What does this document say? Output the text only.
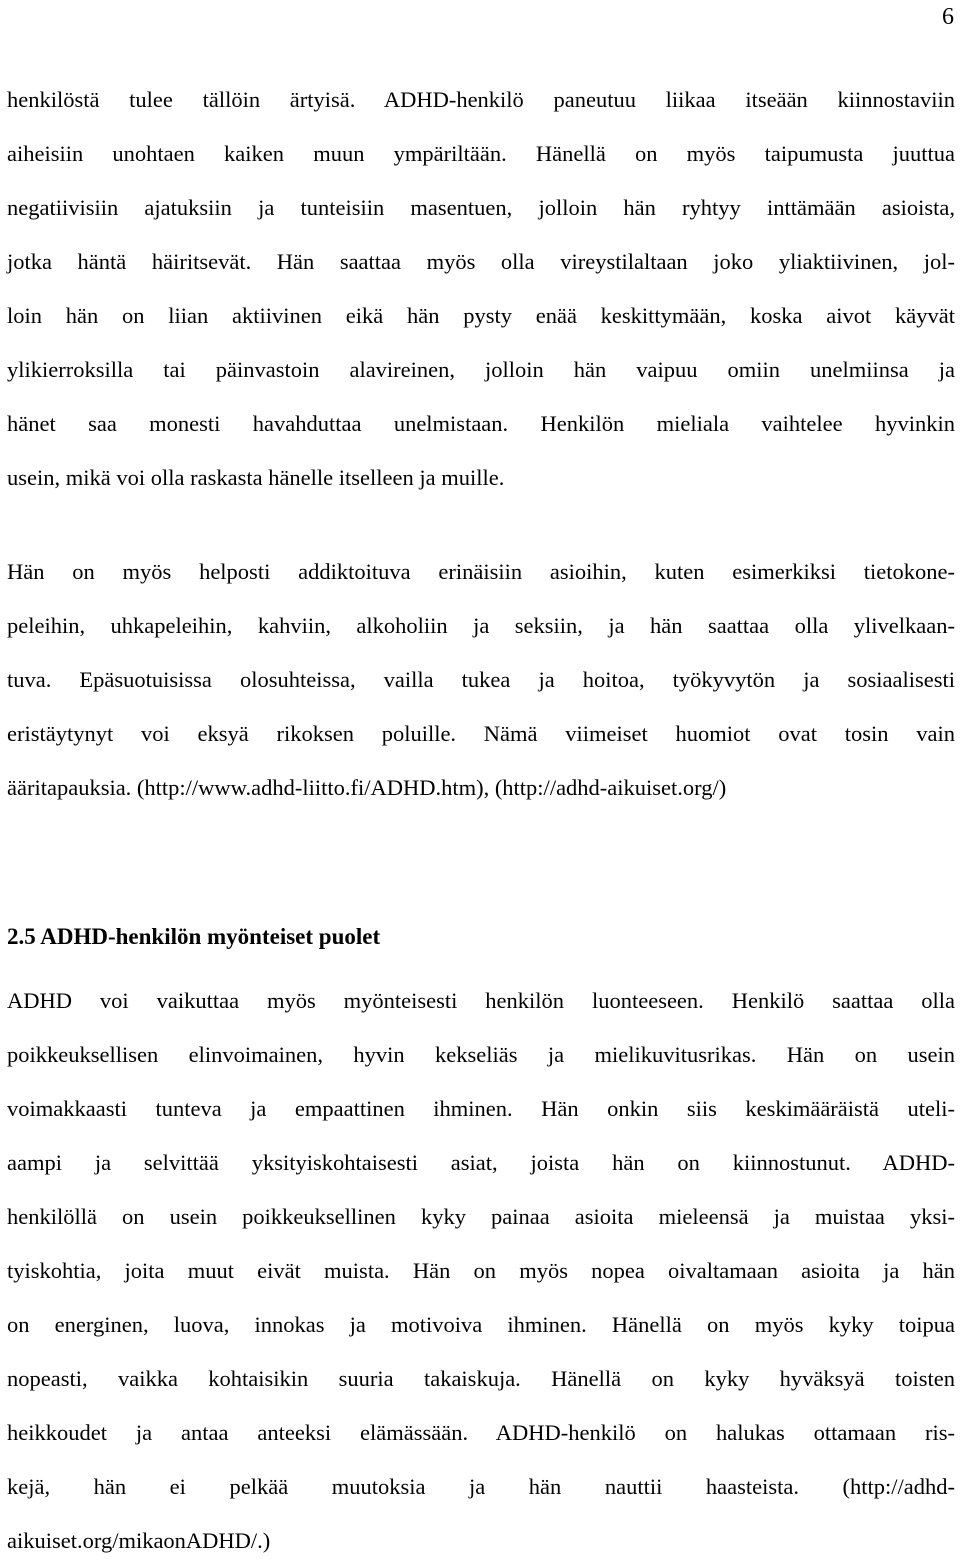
6

henkilöstä tulee tällöin ärtyisä. ADHD-henkilö paneutuu liikaa itseään kiinnostaviin
aiheisiin unohtaen kaiken muun ympäriltään. Hänellä on myös taipumusta juuttua
negatiivisiin ajatuksiin ja tunteisiin masentuen, jolloin hän ryhtyy inttämään asioista,
jotka häntä häiritsevät. Hän saattaa myös olla vireystilaltaan joko yliaktiivinen, jol-
loin hän on liian aktiivinen eikä hän pysty enää keskittymään, koska aivot käyvät
ylikierroksilla tai päinvastoin alavireinen, jolloin hän vaipuu omiin unelmiinsa ja
hänet saa monesti havahduttaa unelmistaan. Henkilön mieliala vaihtelee hyvinkin
usein, mikä voi olla raskasta hänelle itselleen ja muille.

Hän on myös helposti addiktoituva erinäisiin asioihin, kuten esimerkiksi tietokone-
peleihin, uhkapeleihin, kahviin, alkoholiin ja seksiin, ja hän saattaa olla ylivelkaan-
tuva. Epäsuotuisissa olosuhteissa, vailla tukea ja hoitoa, työkyvytön ja sosiaalisesti
eristäytynyt voi eksyä rikoksen poluille. Nämä viimeiset huomiot ovat tosin vain
ääritapauksia. (http://www.adhd-liitto.fi/ADHD.htm), (http://adhd-aikuiset.org/)

2.5 ADHD-henkilön myönteiset puolet

ADHD voi vaikuttaa myös myönteisesti henkilön luonteeseen. Henkilö saattaa olla
poikkeuksellisen elinvoimainen, hyvin kekseliäs ja mielikuvitusrikas. Hän on usein
voimakkaasti tunteva ja empaattinen ihminen. Hän onkin siis keskimääräistä uteli-
aampi ja selvittää yksityiskohtaisesti asiat, joista hän on kiinnostunut. ADHD-
henkilöllä on usein poikkeuksellinen kyky painaa asioita mieleensä ja muistaa yksi-
tyiskohtia, joita muut eivät muista. Hän on myös nopea oivaltamaan asioita ja hän
on energinen, luova, innokas ja motivoiva ihminen. Hänellä on myös kyky toipua
nopeasti, vaikka kohtaisikin suuria takaiskuja. Hänellä on kyky hyväksyä toisten
heikkoudet ja antaa anteeksi elämässään. ADHD-henkilö on halukas ottamaan ris-
kejä, hän ei pelkää muutoksia ja hän nauttii haasteista. (http://adhd-
aikuiset.org/mikaonADHD/.)
